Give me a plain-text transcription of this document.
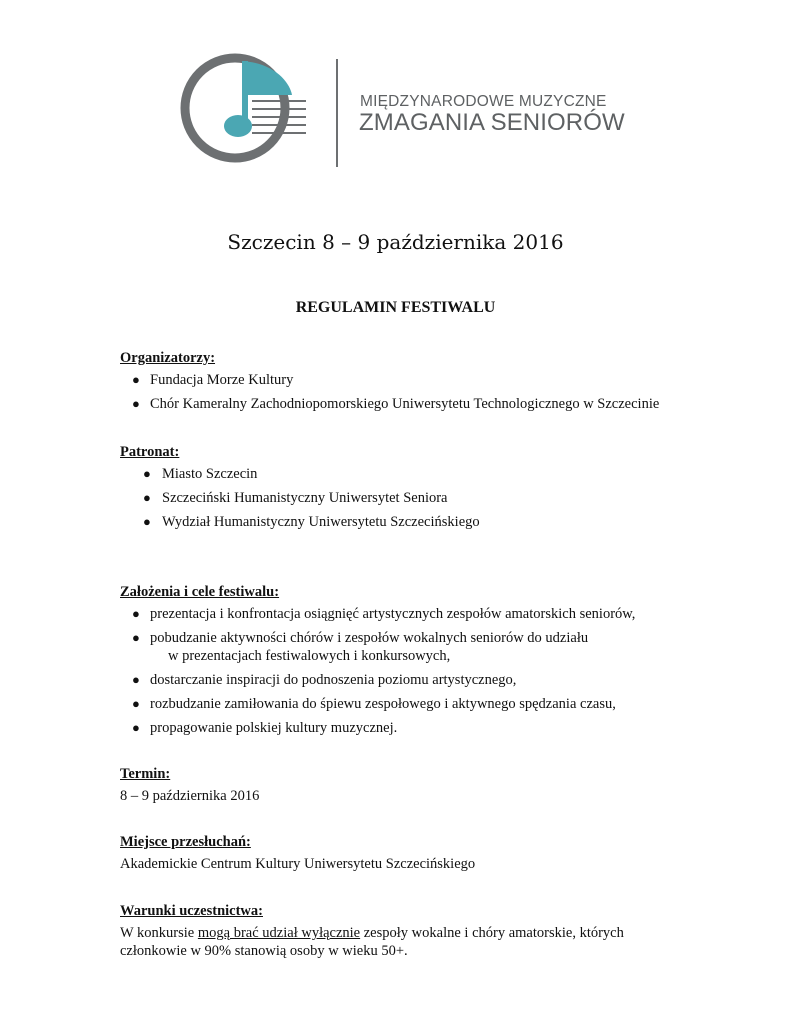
MIĘDZYNARODOWE MUZYCZNE
ZMAGANIA SENIORÓW
Szczecin 8 – 9 października 2016
REGULAMIN FESTIWALU
Organizatorzy:
● Fundacja Morze Kultury
● Chór Kameralny Zachodniopomorskiego Uniwersytetu Technologicznego w Szczecinie
Patronat:
● Miasto Szczecin
● Szczeciński Humanistyczny Uniwersytet Seniora
● Wydział Humanistyczny Uniwersytetu Szczecińskiego
Założenia i cele festiwalu:
● prezentacja i konfrontacja osiągnięć artystycznych zespołów amatorskich seniorów,
● pobudzanie aktywności chórów i zespołów wokalnych seniorów do udziału
w prezentacjach festiwalowych i konkursowych,
● dostarczanie inspiracji do podnoszenia poziomu artystycznego,
● rozbudzanie zamiłowania do śpiewu zespołowego i aktywnego spędzania czasu,
● propagowanie polskiej kultury muzycznej.
Termin:
8 – 9 października 2016
Miejsce przesłuchań:
Akademickie Centrum Kultury Uniwersytetu Szczecińskiego
Warunki uczestnictwa:
W konkursie mogą brać udział wyłącznie zespoły wokalne i chóry amatorskie, których
członkowie w 90% stanowią osoby w wieku 50+.
